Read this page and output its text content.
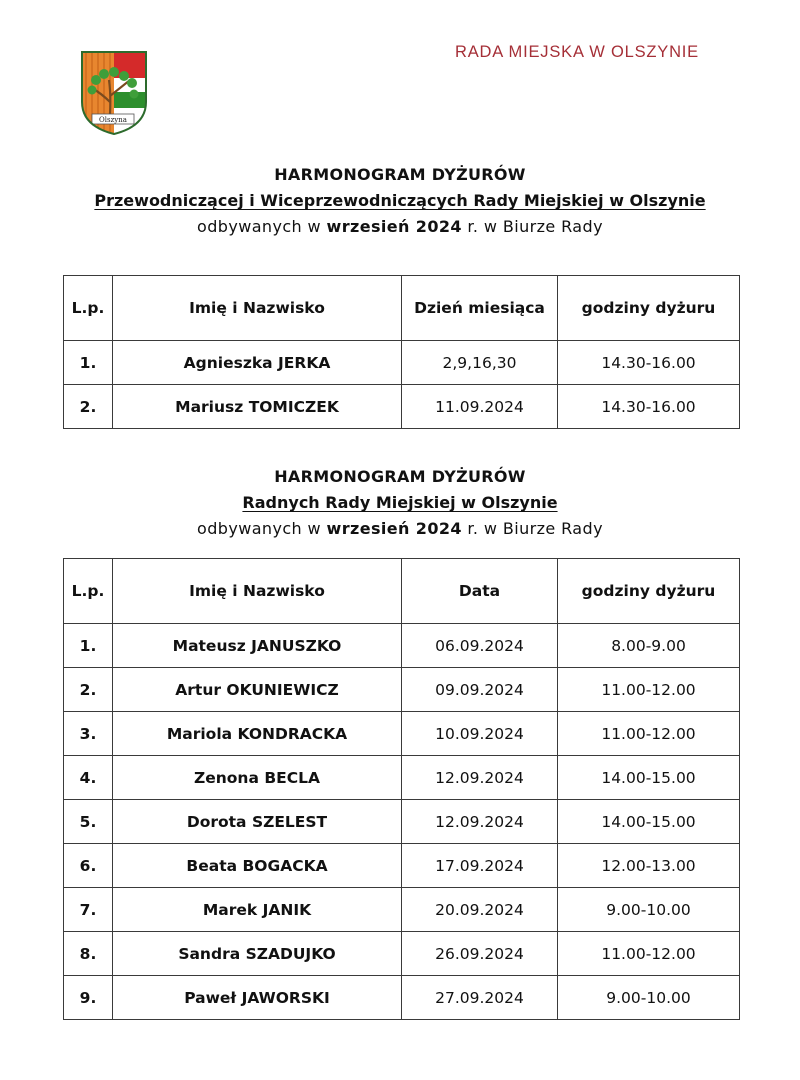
Olszyna
RADA MIEJSKA W OLSZYNIE
HARMONOGRAM DYŻURÓW
Przewodniczącej i Wiceprzewodniczących Rady Miejskiej w Olszynie
odbywanych w wrzesień 2024 r. w Biurze Rady
L.p.	Imię i Nazwisko	Dzień miesiąca	godziny dyżuru
1.	Agnieszka JERKA	2,9,16,30	14.30-16.00
2.	Mariusz TOMICZEK	11.09.2024	14.30-16.00
HARMONOGRAM DYŻURÓW
Radnych Rady Miejskiej w Olszynie
odbywanych w wrzesień 2024 r. w Biurze Rady
L.p.	Imię i Nazwisko	Data	godziny dyżuru
1.	Mateusz JANUSZKO	06.09.2024	8.00-9.00
2.	Artur OKUNIEWICZ	09.09.2024	11.00-12.00
3.	Mariola KONDRACKA	10.09.2024	11.00-12.00
4.	Zenona BECLA	12.09.2024	14.00-15.00
5.	Dorota SZELEST	12.09.2024	14.00-15.00
6.	Beata BOGACKA	17.09.2024	12.00-13.00
7.	Marek JANIK	20.09.2024	9.00-10.00
8.	Sandra SZADUJKO	26.09.2024	11.00-12.00
9.	Paweł JAWORSKI	27.09.2024	9.00-10.00
